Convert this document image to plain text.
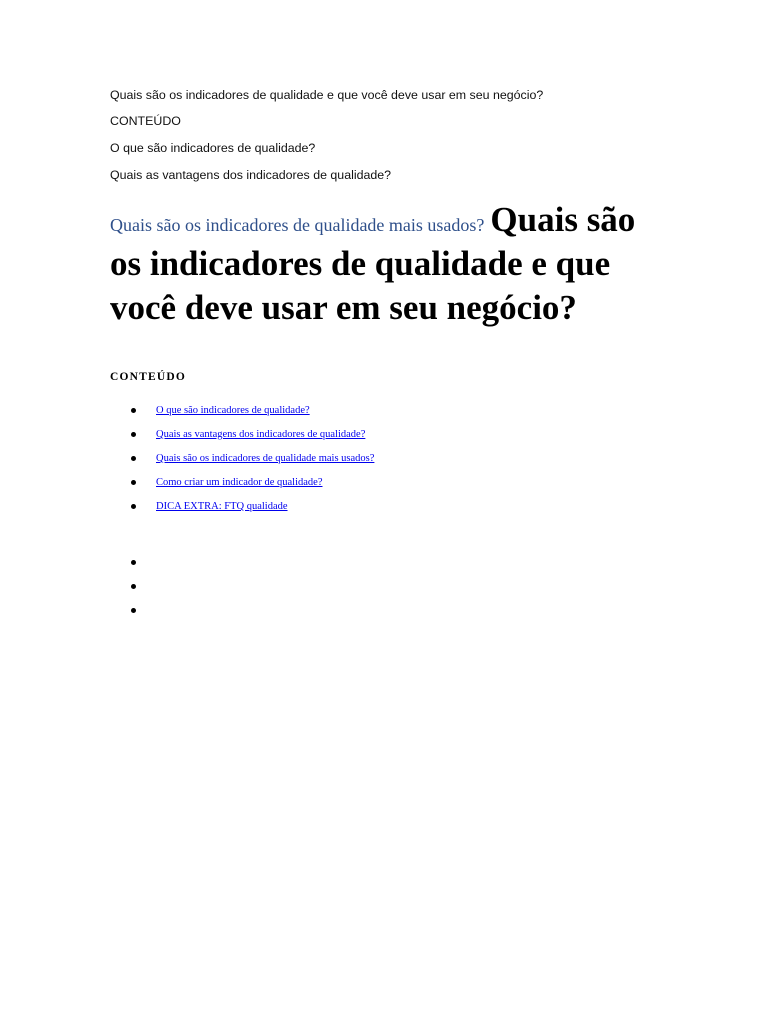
Quais são os indicadores de qualidade e que você deve usar em seu negócio?
CONTEÚDO
O que são indicadores de qualidade?
Quais as vantagens dos indicadores de qualidade?
Quais são os indicadores de qualidade mais usados? Quais são os indicadores de qualidade e que você deve usar em seu negócio?
CONTEÚDO
O que são indicadores de qualidade?
Quais as vantagens dos indicadores de qualidade?
Quais são os indicadores de qualidade mais usados?
Como criar um indicador de qualidade?
DICA EXTRA: FTQ qualidade
